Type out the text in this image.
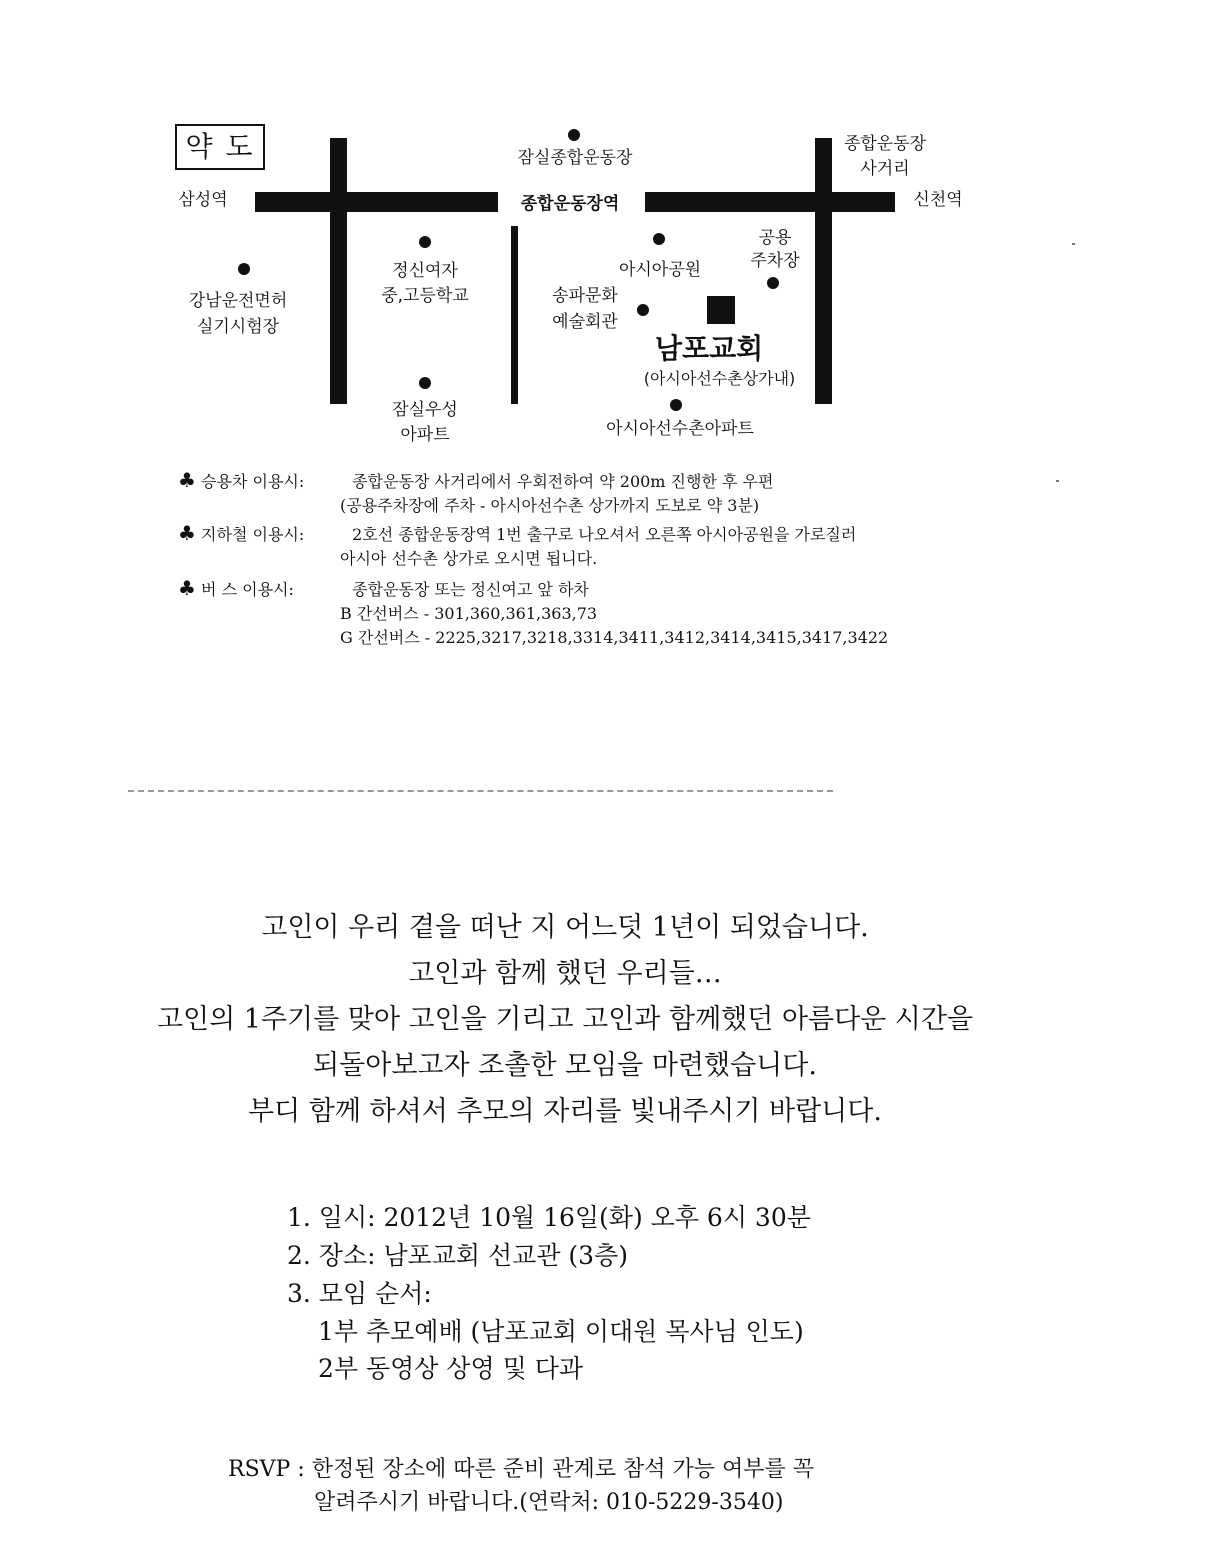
약 도	잠실종합운동장
종합운동장
사거리
삼성역	종합운동장역	신천역
강남운전면허
실기시험장
정신여자
중,고등학교
아시아공원
공용
주차장
송파문화
예술회관
남포교회
(아시아선수촌상가내)
잠실우성
아파트	아시아선수촌아파트
♣ 승용차 이용시:	종합운동장 사거리에서 우회전하여 약 200m 진행한 후 우편
(공용주차장에 주차 - 아시아선수촌 상가까지 도보로 약 3분)
♣ 지하철 이용시:	2호선 종합운동장역 1번 출구로 나오셔서 오른쪽 아시아공원을 가로질러
아시아 선수촌 상가로 오시면 됩니다.
♣ 버 스 이용시:	종합운동장 또는 정신여고 앞 하차
B 간선버스 - 301,360,361,363,73
G 간선버스 - 2225,3217,3218,3314,3411,3412,3414,3415,3417,3422
고인이 우리 곁을 떠난 지 어느덧 1년이 되었습니다.
고인과 함께 했던 우리들…
고인의 1주기를 맞아 고인을 기리고 고인과 함께했던 아름다운 시간을
되돌아보고자 조촐한 모임을 마련했습니다.
부디 함께 하셔서 추모의 자리를 빛내주시기 바랍니다.
1. 일시: 2012년 10월 16일(화) 오후 6시 30분
2. 장소: 남포교회 선교관 (3층)
3. 모임 순서:
1부 추모예배 (남포교회 이대원 목사님 인도)
2부 동영상 상영 및 다과
RSVP : 한정된 장소에 따른 준비 관계로 참석 가능 여부를 꼭
알려주시기 바랍니다.(연락처: 010-5229-3540)
